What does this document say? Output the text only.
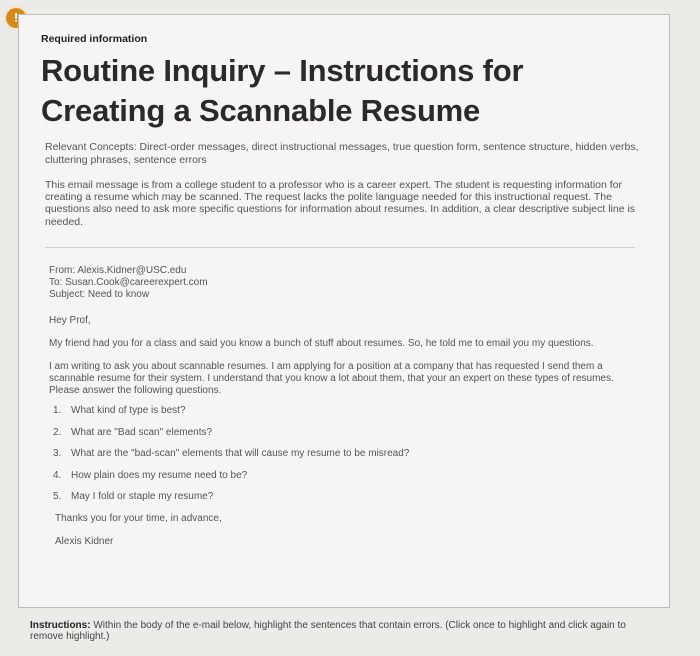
!
Required information
Routine Inquiry – Instructions for Creating a Scannable Resume
Relevant Concepts: Direct-order messages, direct instructional messages, true question form, sentence structure, hidden verbs, cluttering phrases, sentence errors
This email message is from a college student to a professor who is a career expert. The student is requesting information for creating a resume which may be scanned. The request lacks the polite language needed for this instructional request. The questions also need to ask more specific questions for information about resumes. In addition, a clear descriptive subject line is needed.
From: Alexis.Kidner@USC.edu
To: Susan.Cook@careerexpert.com
Subject: Need to know
Hey Prof,
My friend had you for a class and said you know a bunch of stuff about resumes. So, he told me to email you my questions.
I am writing to ask you about scannable resumes. I am applying for a position at a company that has requested I send them a scannable resume for their system. I understand that you know a lot about them, that your an expert on these types of resumes. Please answer the following questions.
1. What kind of type is best?
2. What are "Bad scan" elements?
3. What are the "bad-scan" elements that will cause my resume to be misread?
4. How plain does my resume need to be?
5. May I fold or staple my resume?
Thanks you for your time, in advance,
Alexis Kidner
Instructions: Within the body of the e-mail below, highlight the sentences that contain errors. (Click once to highlight and click again to remove highlight.)
